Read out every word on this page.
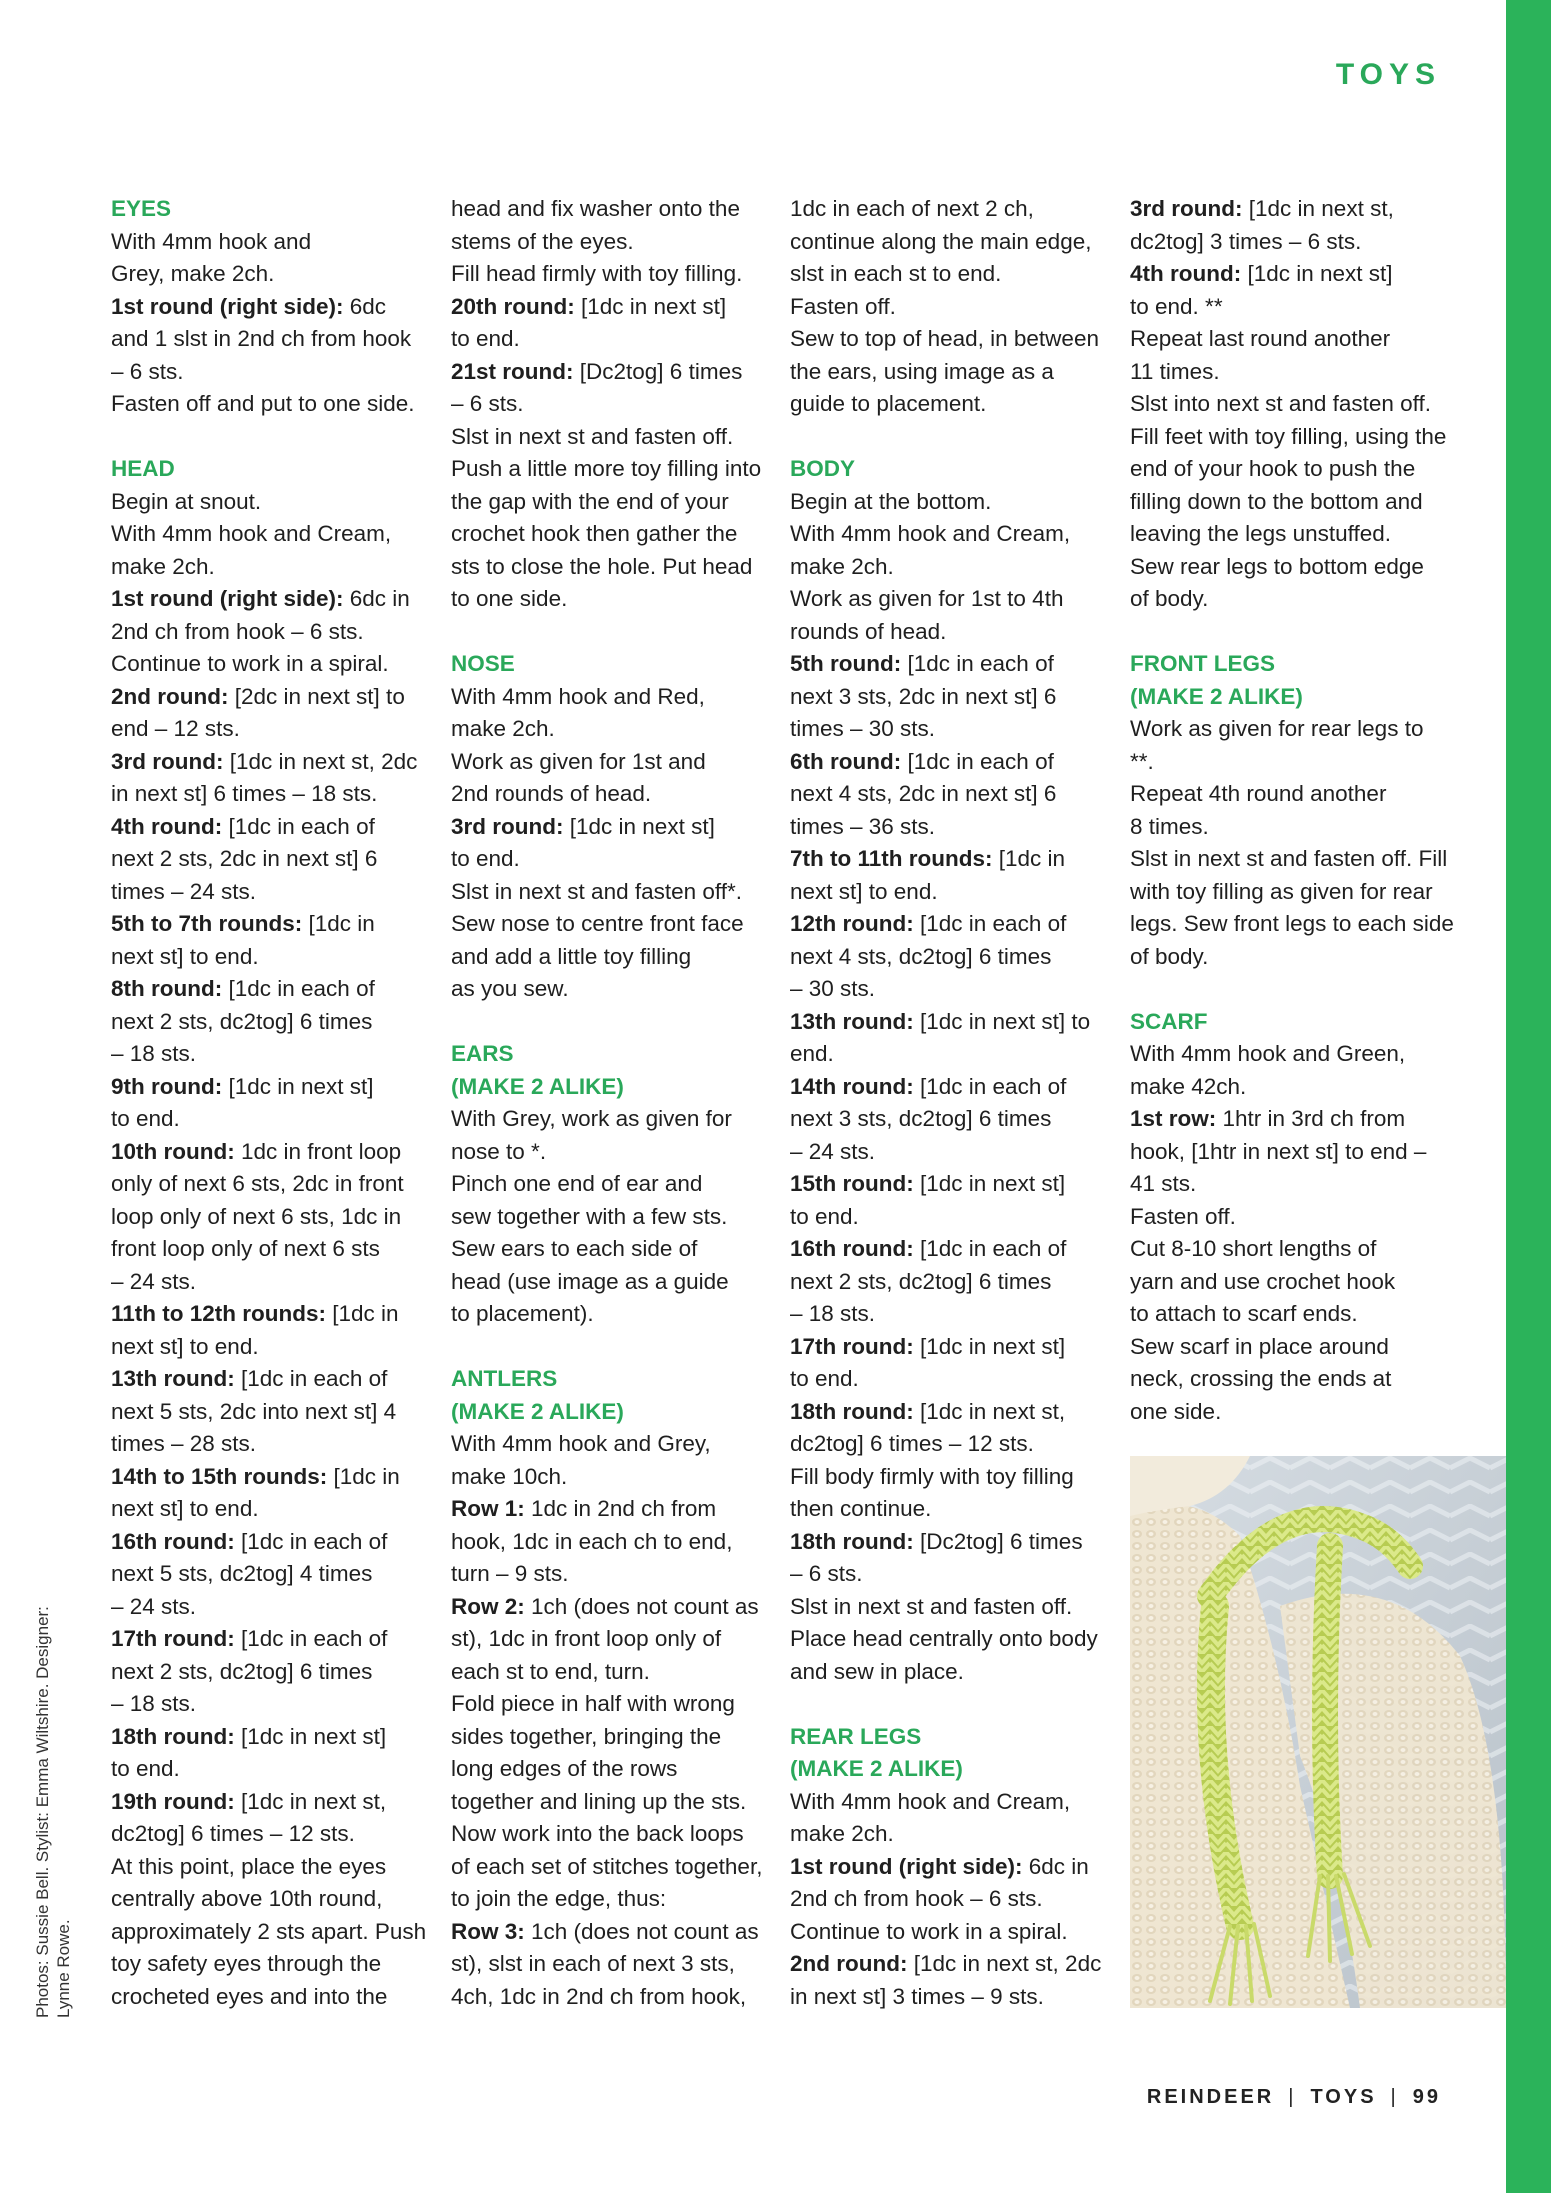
TOYS
Photos: Sussie Bell. Stylist: Emma Wiltshire. Designer: Lynne Rowe.
EYES

With 4mm hook and

Grey, make 2ch.

1st round (right side): 6dc

and 1 slst in 2nd ch from hook

– 6 sts.

Fasten off and put to one side.

HEAD

Begin at snout.

With 4mm hook and Cream,

make 2ch.

1st round (right side): 6dc in

2nd ch from hook – 6 sts.

Continue to work in a spiral.

2nd round: [2dc in next st] to

end – 12 sts.

3rd round: [1dc in next st, 2dc

in next st] 6 times – 18 sts.

4th round: [1dc in each of

next 2 sts, 2dc in next st] 6

times – 24 sts.

5th to 7th rounds: [1dc in

next st] to end.

8th round: [1dc in each of

next 2 sts, dc2tog] 6 times

– 18 sts.

9th round: [1dc in next st]

to end.

10th round: 1dc in front loop

only of next 6 sts, 2dc in front

loop only of next 6 sts, 1dc in

front loop only of next 6 sts

– 24 sts.

11th to 12th rounds: [1dc in

next st] to end.

13th round: [1dc in each of

next 5 sts, 2dc into next st] 4

times – 28 sts.

14th to 15th rounds: [1dc in

next st] to end.

16th round: [1dc in each of

next 5 sts, dc2tog] 4 times

– 24 sts.

17th round: [1dc in each of

next 2 sts, dc2tog] 6 times

– 18 sts.

18th round: [1dc in next st]

to end.

19th round: [1dc in next st,

dc2tog] 6 times – 12 sts.

At this point, place the eyes

centrally above 10th round,

approximately 2 sts apart. Push

toy safety eyes through the

crocheted eyes and into the

head and fix washer onto the

stems of the eyes.

Fill head firmly with toy filling.

20th round: [1dc in next st]

to end.

21st round: [Dc2tog] 6 times

– 6 sts.

Slst in next st and fasten off.

Push a little more toy filling into

the gap with the end of your

crochet hook then gather the

sts to close the hole. Put head

to one side.

NOSE

With 4mm hook and Red,

make 2ch.

Work as given for 1st and

2nd rounds of head.

3rd round: [1dc in next st]

to end.

Slst in next st and fasten off*.

Sew nose to centre front face

and add a little toy filling

as you sew.

EARS
(MAKE 2 ALIKE)

With Grey, work as given for

nose to *.

Pinch one end of ear and

sew together with a few sts.

Sew ears to each side of

head (use image as a guide

to placement).

ANTLERS
(MAKE 2 ALIKE)

With 4mm hook and Grey,

make 10ch.

Row 1: 1dc in 2nd ch from

hook, 1dc in each ch to end,

turn – 9 sts.

Row 2: 1ch (does not count as

st), 1dc in front loop only of

each st to end, turn.

Fold piece in half with wrong

sides together, bringing the

long edges of the rows

together and lining up the sts.

Now work into the back loops

of each set of stitches together,

to join the edge, thus:

Row 3: 1ch (does not count as

st), slst in each of next 3 sts,

4ch, 1dc in 2nd ch from hook,

1dc in each of next 2 ch,

continue along the main edge,

slst in each st to end.

Fasten off.

Sew to top of head, in between

the ears, using image as a

guide to placement.

BODY

Begin at the bottom.

With 4mm hook and Cream,

make 2ch.

Work as given for 1st to 4th

rounds of head.

5th round: [1dc in each of

next 3 sts, 2dc in next st] 6

times – 30 sts.

6th round: [1dc in each of

next 4 sts, 2dc in next st] 6

times – 36 sts.

7th to 11th rounds: [1dc in

next st] to end.

12th round: [1dc in each of

next 4 sts, dc2tog] 6 times

– 30 sts.

13th round: [1dc in next st] to

end.

14th round: [1dc in each of

next 3 sts, dc2tog] 6 times

– 24 sts.

15th round: [1dc in next st]

to end.

16th round: [1dc in each of

next 2 sts, dc2tog] 6 times

– 18 sts.

17th round: [1dc in next st]

to end.

18th round: [1dc in next st,

dc2tog] 6 times – 12 sts.

Fill body firmly with toy filling

then continue.

18th round: [Dc2tog] 6 times

– 6 sts.

Slst in next st and fasten off.

Place head centrally onto body

and sew in place.

REAR LEGS
(MAKE 2 ALIKE)

With 4mm hook and Cream,

make 2ch.

1st round (right side): 6dc in

2nd ch from hook – 6 sts.

Continue to work in a spiral.

2nd round: [1dc in next st, 2dc

in next st] 3 times – 9 sts.

3rd round: [1dc in next st,

dc2tog] 3 times – 6 sts.

4th round: [1dc in next st]

to end. **

Repeat last round another

11 times.

Slst into next st and fasten off.

Fill feet with toy filling, using the

end of your hook to push the

filling down to the bottom and

leaving the legs unstuffed.

Sew rear legs to bottom edge

of body.

FRONT LEGS
(MAKE 2 ALIKE)

Work as given for rear legs to

**.

Repeat 4th round another

8 times.

Slst in next st and fasten off. Fill

with toy filling as given for rear

legs. Sew front legs to each side

of body.

SCARF

With 4mm hook and Green,

make 42ch.

1st row: 1htr in 3rd ch from

hook, [1htr in next st] to end –

41 sts.

Fasten off.

Cut 8-10 short lengths of

yarn and use crochet hook

to attach to scarf ends.

Sew scarf in place around

neck, crossing the ends at

one side.

REINDEER | TOYS | 99
